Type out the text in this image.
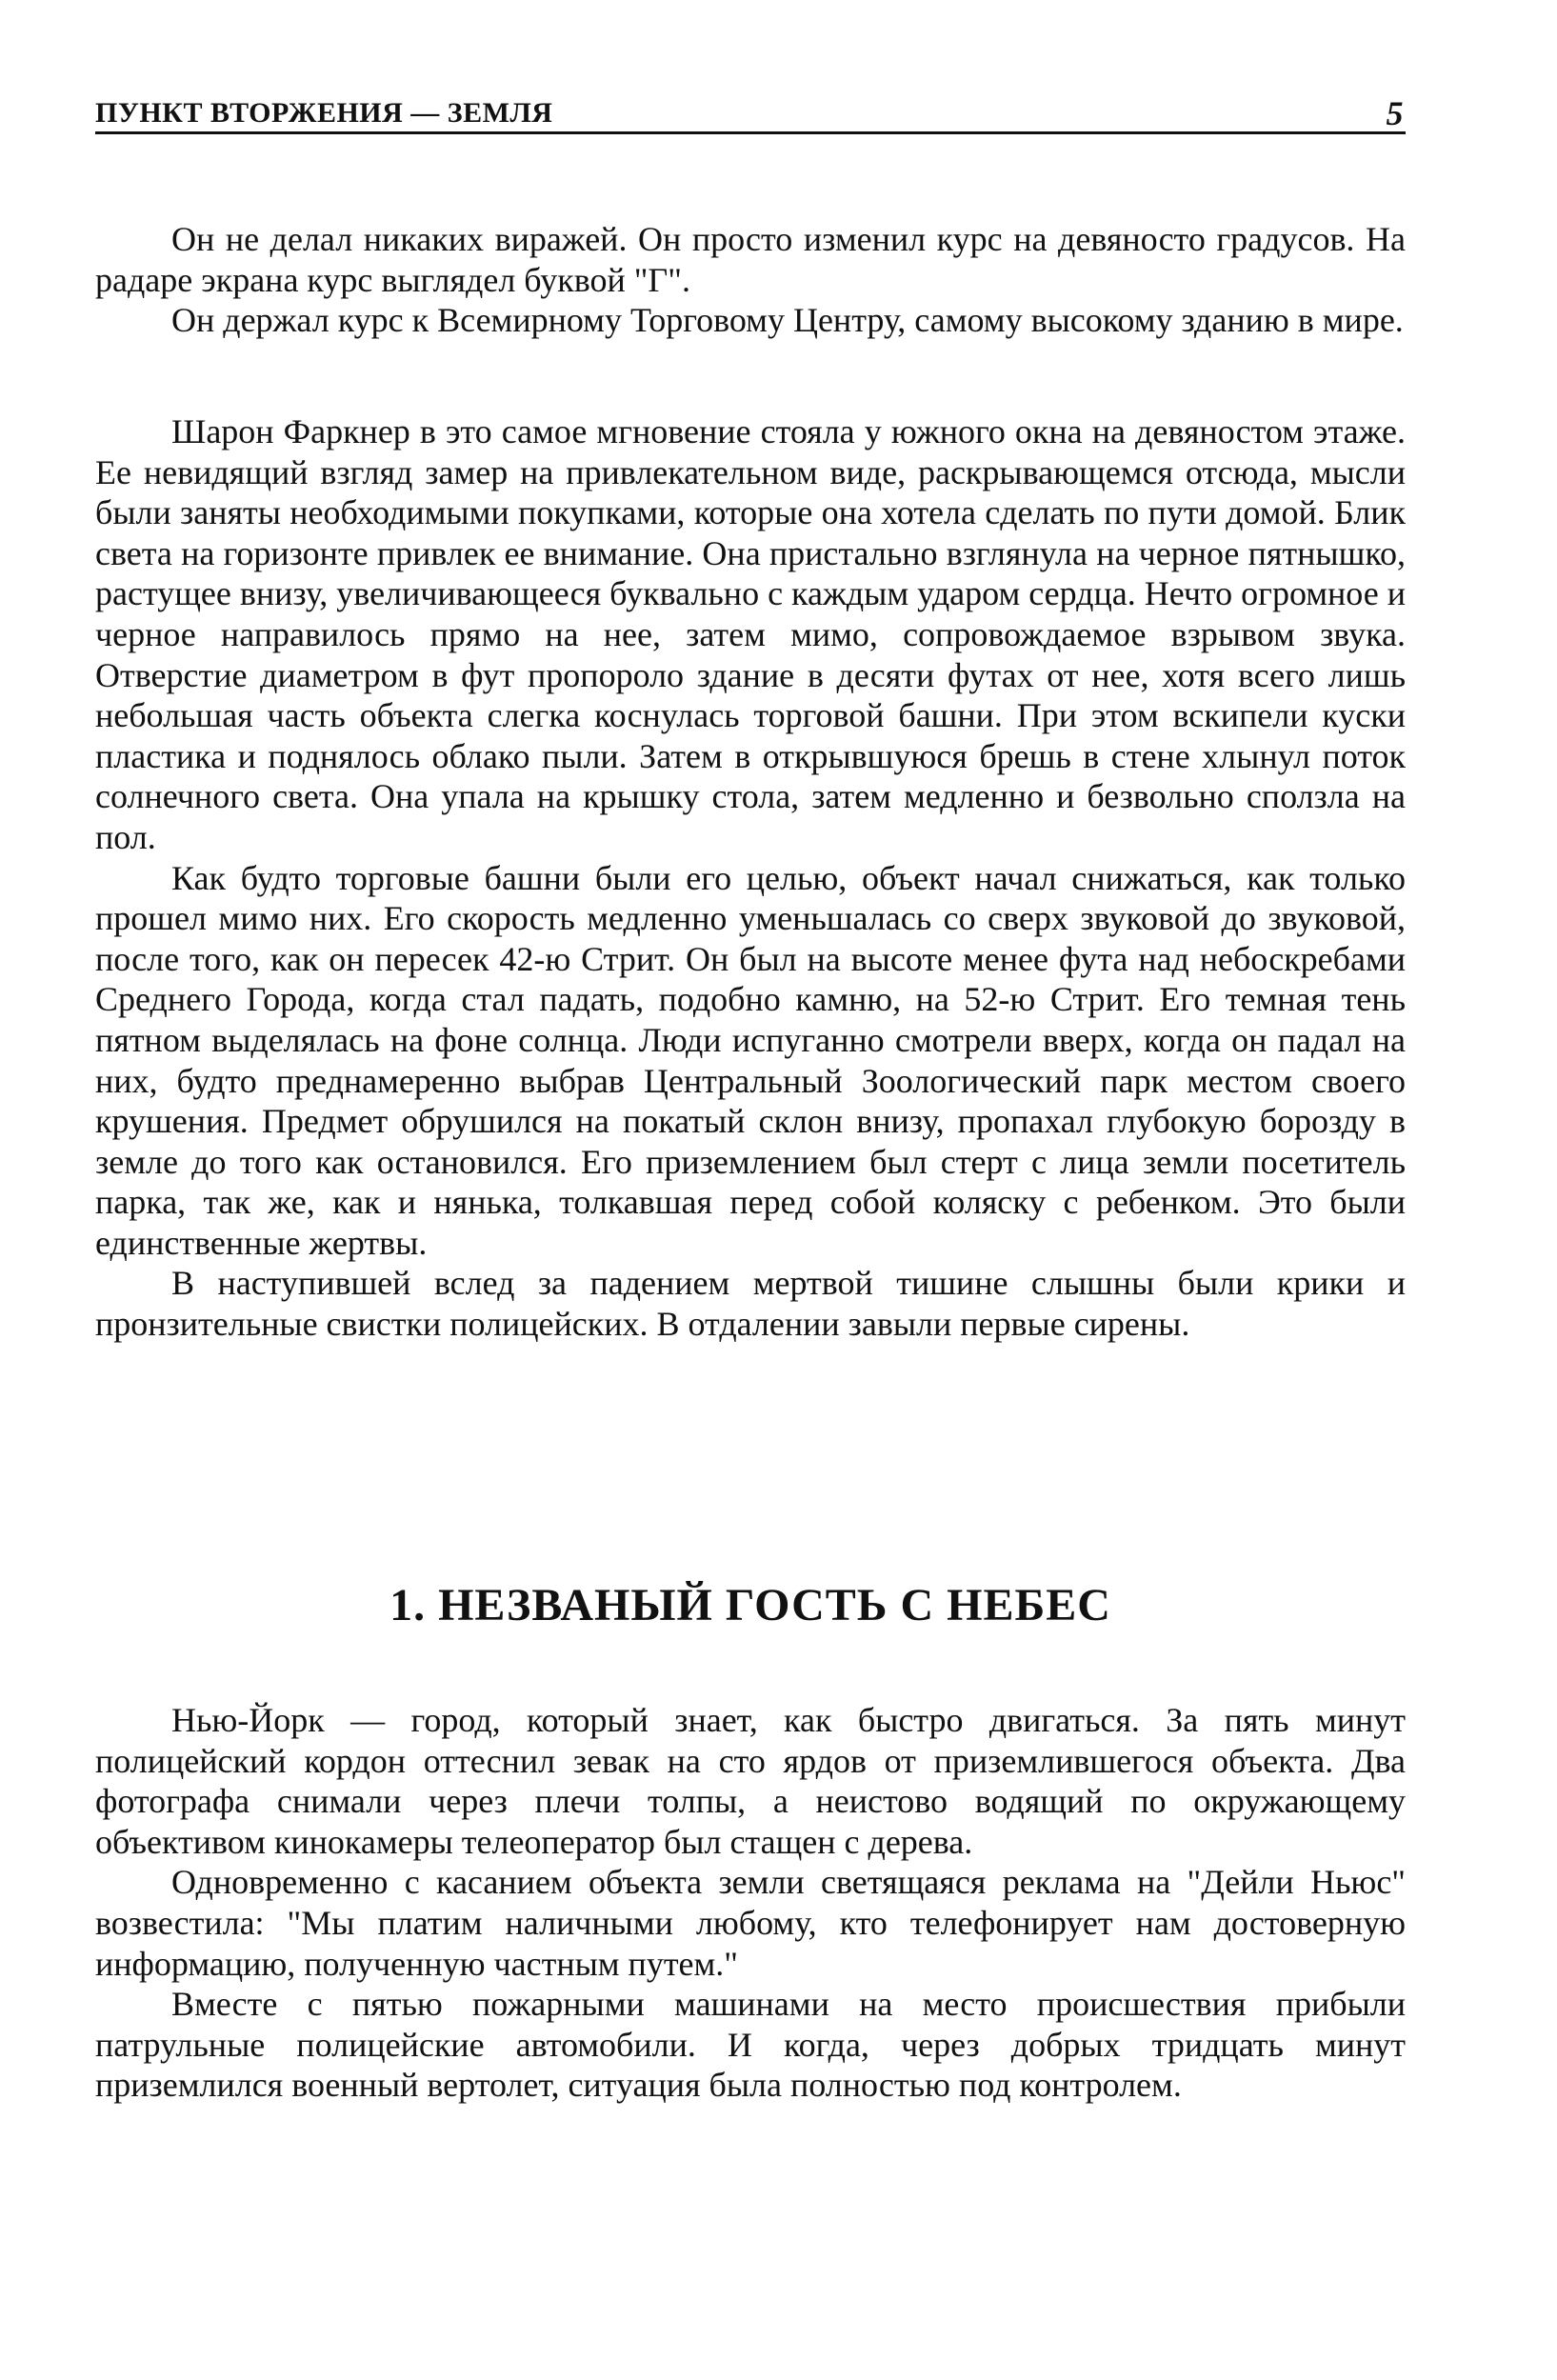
ПУНКТ ВТОРЖЕНИЯ — ЗЕМЛЯ	5

Он не делал никаких виражей. Он просто изменил курс на девяносто градусов. На радаре экрана курс выглядел буквой "Г".

Он держал курс к Всемирному Торговому Центру, самому высокому зданию в мире.

Шарон Фаркнер в это самое мгновение стояла у южного окна на девяностом этаже. Ее невидящий взгляд замер на привлекательном виде, раскрывающемся отсюда, мысли были заняты необходимыми покупками, которые она хотела сделать по пути домой. Блик света на горизонте привлек ее внимание. Она пристально взглянула на черное пятнышко, растущее внизу, увеличивающееся буквально с каждым ударом сердца. Нечто огромное и черное направилось прямо на нее, затем мимо, сопровождаемое взрывом звука. Отверстие диаметром в фут пропороло здание в десяти футах от нее, хотя всего лишь небольшая часть объекта слегка коснулась торговой башни. При этом вскипели куски пластика и поднялось облако пыли. Затем в открывшуюся брешь в стене хлынул поток солнечного света. Она упала на крышку стола, затем медленно и безвольно сползла на пол.

Как будто торговые башни были его целью, объект начал снижаться, как только прошел мимо них. Его скорость медленно уменьшалась со сверх звуковой до звуковой, после того, как он пересек 42-ю Стрит. Он был на высоте менее фута над небоскребами Среднего Города, когда стал падать, подобно камню, на 52-ю Стрит. Его темная тень пятном выделялась на фоне солнца. Люди испуганно смотрели вверх, когда он падал на них, будто преднамеренно выбрав Центральный Зоологический парк местом своего крушения. Предмет обрушился на покатый склон внизу, пропахал глубокую борозду в земле до того как остановился. Его приземлением был стерт с лица земли посетитель парка, так же, как и нянька, толкавшая перед собой коляску с ребенком. Это были единственные жертвы.

В наступившей вслед за падением мертвой тишине слышны были крики и пронзительные свистки полицейских. В отдалении завыли первые сирены.

1. НЕЗВАНЫЙ ГОСТЬ С НЕБЕС

Нью-Йорк — город, который знает, как быстро двигаться. За пять минут полицейский кордон оттеснил зевак на сто ярдов от приземлившегося объекта. Два фотографа снимали через плечи толпы, а неистово водящий по окружающему объективом кинокамеры телеоператор был стащен с дерева.

Одновременно с касанием объекта земли светящаяся реклама на "Дейли Ньюс" возвестила: "Мы платим наличными любому, кто телефонирует нам достоверную информацию, полученную частным путем."

Вместе с пятью пожарными машинами на место происшествия прибыли патрульные полицейские автомобили. И когда, через добрых тридцать минут приземлился военный вертолет, ситуация была полностью под контролем.
